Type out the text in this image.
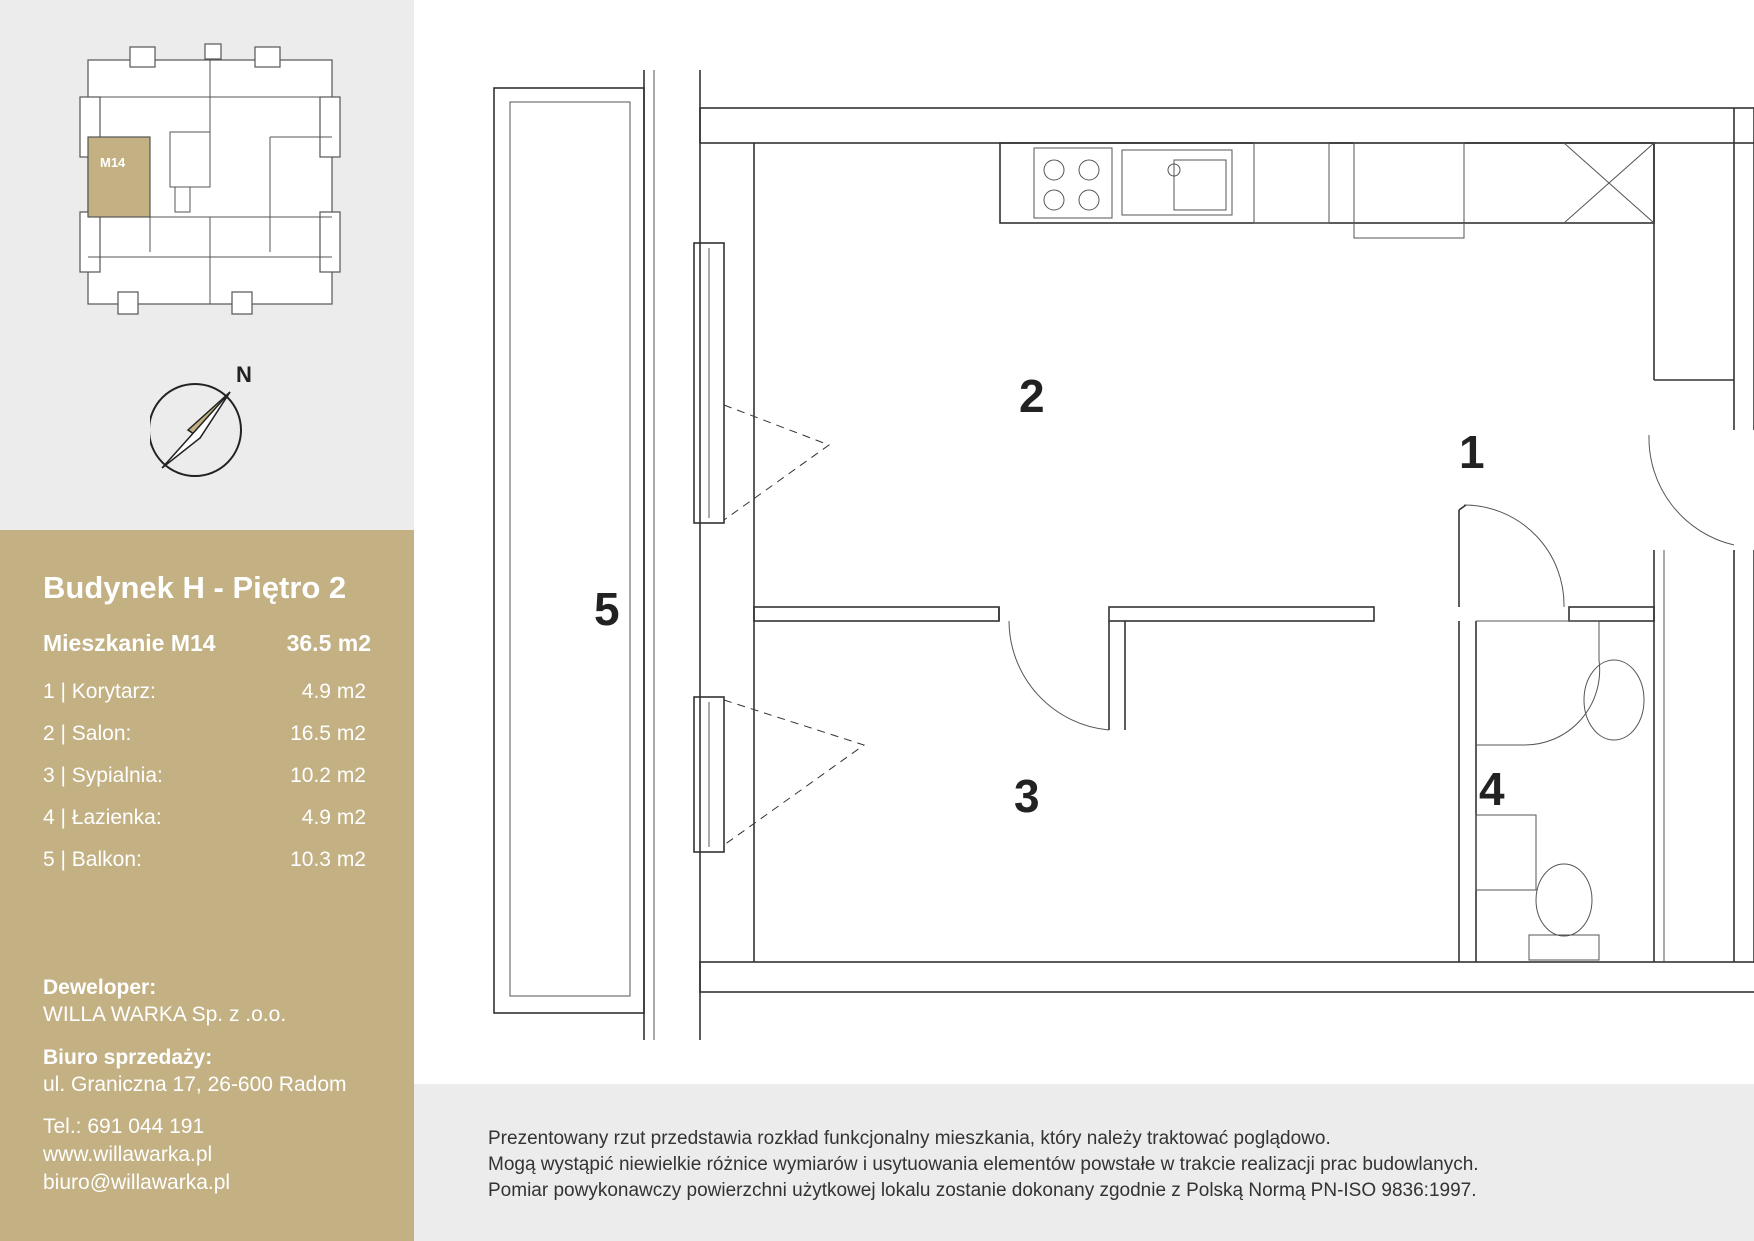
M14
N
Budynek H - Piętro 2
Mieszkanie M14	36.5 m2
1 | Korytarz:	4.9 m2
2 | Salon:	16.5 m2
3 | Sypialnia:	10.2 m2
4 | Łazienka:	4.9 m2
5 | Balkon:	10.3 m2
Deweloper:
WILLA WARKA Sp. z .o.o.
Biuro sprzedaży:
ul. Graniczna 17, 26-600 Radom
Tel.: 691 044 191
www.willawarka.pl
biuro@willawarka.pl
1
2
3	4
5
Prezentowany rzut przedstawia rozkład funkcjonalny mieszkania, który należy traktować poglądowo.
Mogą wystąpić niewielkie różnice wymiarów i usytuowania elementów powstałe w trakcie realizacji prac budowlanych.
Pomiar powykonawczy powierzchni użytkowej lokalu zostanie dokonany zgodnie z Polską Normą PN-ISO 9836:1997.
